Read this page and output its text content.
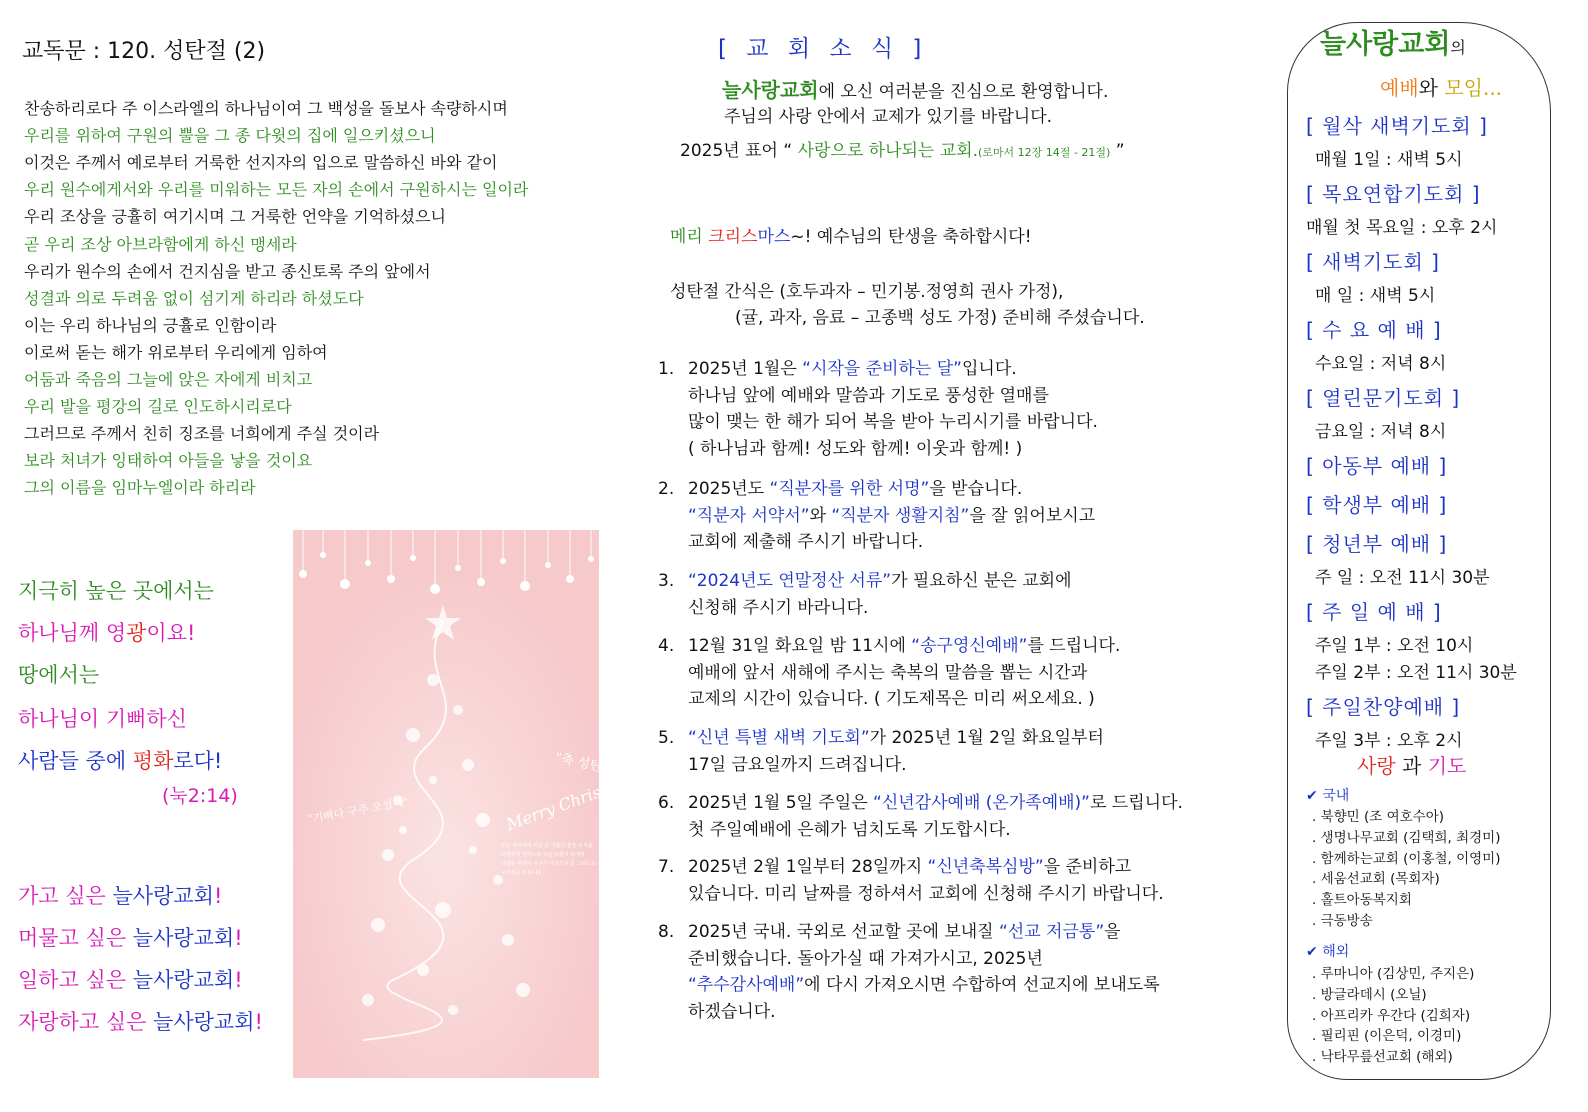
교독문 : 120. 성탄절 (2)
찬송하리로다 주 이스라엘의 하나님이여 그 백성을 돌보사 속량하시며
우리를 위하여 구원의 뿔을 그 종 다윗의 집에 일으키셨으니
이것은 주께서 예로부터 거룩한 선지자의 입으로 말씀하신 바와 같이
우리 원수에게서와 우리를 미워하는 모든 자의 손에서 구원하시는 일이라
우리 조상을 긍휼히 여기시며 그 거룩한 언약을 기억하셨으니
곧 우리 조상 아브라함에게 하신 맹세라
우리가 원수의 손에서 건지심을 받고 종신토록 주의 앞에서
성결과 의로 두려움 없이 섬기게 하리라 하셨도다
이는 우리 하나님의 긍휼로 인함이라
이로써 돋는 해가 위로부터 우리에게 임하여
어둠과 죽음의 그늘에 앉은 자에게 비치고
우리 발을 평강의 길로 인도하시리로다
그러므로 주께서 친히 징조를 너희에게 주실 것이라
보라 처녀가 잉태하여 아들을 낳을 것이요
그의 이름을 임마누엘이라 하리라
지극히 높은 곳에서는
하나님께 영광이요!
땅에서는
하나님이 기뻐하신
사람들 중에 평화로다!
(눅2:14)
가고 싶은 늘사랑교회!
머물고 싶은 늘사랑교회!
일하고 싶은 늘사랑교회!
자랑하고 싶은 늘사랑교회!
"축 성탄"
Merry Christmas
"기뻐다 구주 오셨네"
모든 백성에게 미칠 큰 기쁨의 좋은 소식을
너희에게 전하노라 오늘 다윗의 동네에
너희를 위하여 구주가 나셨으니 곧 그리스도 주시니라
누가복음 2:10-11
[ 교 회 소 식 ]
늘사랑교회에 오신 여러분을 진심으로 환영합니다.
주님의 사랑 안에서 교제가 있기를 바랍니다.
2025년 표어 “ 사랑으로 하나되는 교회.(로마서 12장 14절 - 21절) ”
메리 크리스마스~! 예수님의 탄생을 축하합시다!
성탄절 간식은 (호두과자 – 민기봉.정영희 권사 가정),
(귤, 과자, 음료 – 고종백 성도 가정) 준비해 주셨습니다.
1. 2025년 1월은 “시작을 준비하는 달”입니다.
하나님 앞에 예배와 말씀과 기도로 풍성한 열매를
많이 맺는 한 해가 되어 복을 받아 누리시기를 바랍니다.
( 하나님과 함께! 성도와 함께! 이웃과 함께! )
2. 2025년도 “직분자를 위한 서명”을 받습니다.
“직분자 서약서”와 “직분자 생활지침”을 잘 읽어보시고
교회에 제출해 주시기 바랍니다.
3. “2024년도 연말정산 서류”가 필요하신 분은 교회에
신청해 주시기 바라니다.
4. 12월 31일 화요일 밤 11시에 “송구영신예배”를 드립니다.
예배에 앞서 새해에 주시는 축복의 말씀을 뽑는 시간과
교제의 시간이 있습니다. ( 기도제목은 미리 써오세요. )
5. “신년 특별 새벽 기도회”가 2025년 1월 2일 화요일부터
17일 금요일까지 드려집니다.
6. 2025년 1월 5일 주일은 “신년감사예배 (온가족예배)”로 드립니다.
첫 주일예배에 은혜가 넘치도록 기도합시다.
7. 2025년 2월 1일부터 28일까지 “신년축복심방”을 준비하고
있습니다. 미리 날짜를 정하셔서 교회에 신청해 주시기 바랍니다.
8. 2025년 국내. 국외로 선교할 곳에 보내질 “선교 저금통”을
준비했습니다. 돌아가실 때 가져가시고, 2025년
“추수감사예배”에 다시 가져오시면 수합하여 선교지에 보내도록
하겠습니다.
늘사랑교회의
예배와 모임...
[ 월삭 새벽기도회 ]
매월 1일 : 새벽 5시
[ 목요연합기도회 ]
매월 첫 목요일 : 오후 2시
[ 새벽기도회 ]
매 일 : 새벽 5시
[ 수 요 예 배 ]
수요일 : 저녁 8시
[ 열린문기도회 ]
금요일 : 저녁 8시
[ 아동부 예배 ]
[ 학생부 예배 ]
[ 청년부 예배 ]
주 일 : 오전 11시 30분
[ 주 일 예 배 ]
주일 1부 : 오전 10시
주일 2부 : 오전 11시 30분
[ 주일찬양예배 ]
주일 3부 : 오후 2시
사랑 과 기도
✔ 국내
. 북향민 (조 여호수아)
. 생명나무교회 (김택희, 최경미)
. 함께하는교회 (이홍철, 이영미)
. 세움선교회 (목회자)
. 홀트아동복지회
. 극동방송
✔ 해외
. 루마니아 (김상민, 주지은)
. 방글라데시 (오닐)
. 아프리카 우간다 (김희자)
. 필리핀 (이은덕, 이경미)
. 낙타무릎선교회 (해외)
